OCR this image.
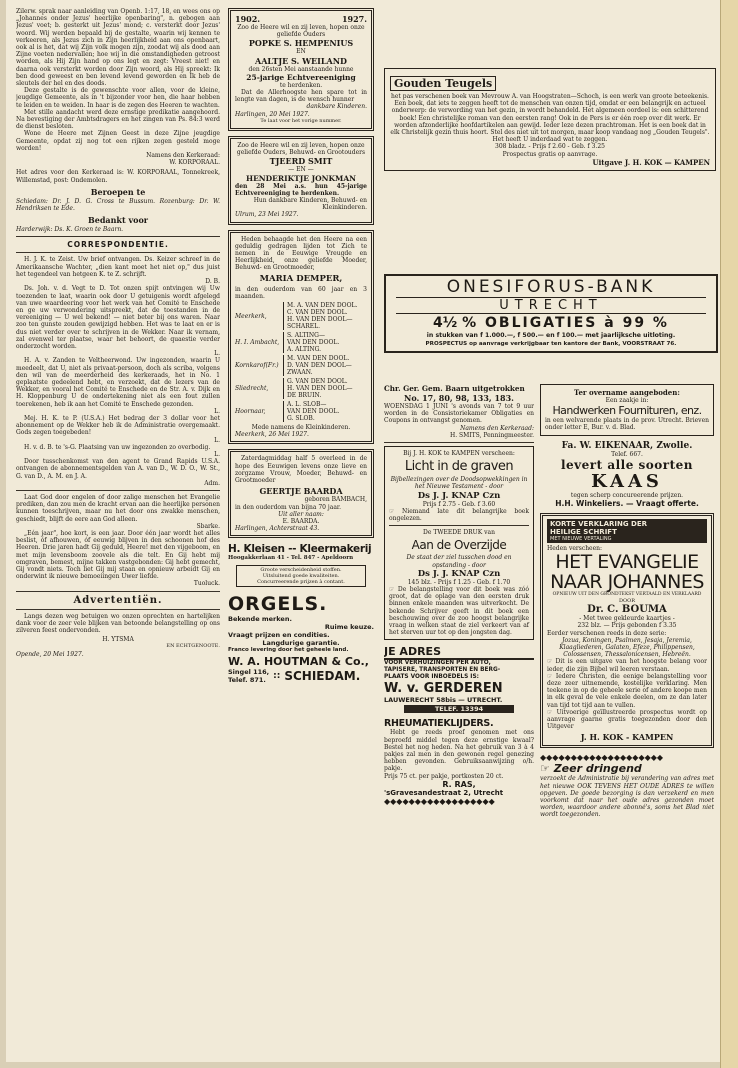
Zilerw. sprak naar aanleiding van Openb. 1:17, 18, en wees ons op „Johannes onder Jezus' heerlijke openbaring", n. gebogen aan Jezus' voet; b. gesterkt uit Jezus' mond; c. versterkt door Jezus' woord. Wij werden bepaald bij de gestalte, waarin wij kennen te verkeeren, als Jezus zich in Zijn heerlijkheid aan ons openbaart, ook al is het, dat wij Zijn volk mogen zijn, zoodat wij als dood aan Zijne voeten nedervallen; hoe wij in die omstandigheden getroost worden, als Hij Zijn hand op ons legt en zegt: Vreest niet! en daarna ook versterkt worden door Zijn woord, als Hij spreekt: Ik ben dood geweest en ben levend levend geworden en Ik heb de sleutels der hel en des doods.

Deze gestalte is de gewenschte voor allen, voor de kleine, jeugdige Gemeente, als in 't bijzonder voor hen, die haar hebben te leiden en te weiden. In haar is de zegen des Heeren te wachten.

Met stille aandacht werd deze ernstige predikatie aangehoord. Na bevestiging der Ambtsdragers en het zingen van Ps. 84:3 werd de dienst besloten.

Wone de Heere met Zijnen Geest in deze Zijne jeugdige Gemeente, opdat zij nog tot een rijken zegen gesteld moge worden!

Namens den Kerkeraad:

W. KORPORAAL.

Het adres voor den Kerkeraad is: W. KORPORAAL, Tonnekreek, Willemstad, post: Ondemolen.

Beroepen te

Schiedam: Dr. J. D. G. Cross te Bussum. Rozenburg: Dr. W. Hendriksen te Ede.

Bedankt voor

Harderwijk: Ds. K. Groen te Baarn.

CORRESPONDENTIE.

H. J. K. te Zeist. Uw brief ontvangen. Ds. Keizer schreef in de Amerikaansche Wachter, „dien kant moet het niet op," dus juist het tegendeel van hetgeen K. te Z. schrijft.

D. B.

Ds. Joh. v. d. Vegt te D. Tot onzen spijt ontvingen wij Uw toezenden te laat, waarin ook door U getuigenis wordt afgelegd van uwe waardeering voor het werk van het Comité te Enschede en ge uw verwondering uitspreekt, dat de toestanden in de vereeniging — U wel bekend! — niet beter bij ons waren. Naar zoo ten gunste zouden gewijzigd hebben. Het was te laat en er is dus niet verder over te schrijven in de Wekker. Naar ik vernam, zal evenwel ter plaatse, waar het behoort, de quaestie verder onderzocht worden.

L.

H. A. v. Zanden te Veltheerwond. Uw ingezonden, waarin U meedeelt, dat U, niet als privaat-persoon, doch als scriba, volgens den wil van de meerderheid des kerkeraads, het in No. 1 geplaatste gedeelend hebt, en verzoekt, dat de lezers van de Wekker, en vooral het Comité te Enschede en de Str. A. v. Dijk en H. Kloppenburg U de ondertekening niet als een fout zullen toerekenen, heb ik aan het Comité te Enschede gezonden.

L.

Mej. H. K. te P. (U.S.A.) Het bedrag der 3 dollar voor het abonnement op de Wekker heb ik de Administratie overgemaakt. Gods zegen toegebeden!

L.

H. v. d. B. te 's-G. Plaatsing van uw ingezonden zo overbodig.

L.

Door tusschenkomst van den agent te Grand Rapids U.S.A. ontvangen de abonnementsgelden van A. van D., W. D. O., W. St., G. van D., A. M. en J. A.

Adm.

Laat God door engelen of door zalige menschen het Evangelie prediken, dan zou men de kracht ervan aan die heerlijke personen kunnen toeschrijven, maar nu het door ons zwakke menschen, geschiedt, blijft de eere aan God alleen.

Sbarke.

„Eén jaar", hoe kort, is een jaar. Door één jaar wordt het alles beslist, óf afhouwen, óf eeuwig blijven in den schoonen hof des Heeren. Drie jaren hadt Gij geduld, Heere! met den vijgeboom, en met mijn levensboom zoovele als die telt. En Gij hebt mij omgraven, bemest, mijne takken vastgebonden: Gij hebt gemecht, Gij vondt niets. Toch liet Gij mij staan en opnieuw arbeidt Gij en onderwint ik nieuwe bemoeiingen Uwer liefde.

Tuoluck.

Advertentiën.

Langs dezen weg betuigen wo onzen oprechten en hartelijken dank voor de zeer vele blijken van betoonde belangstelling op ons zilveren feest ondervonden.

H. YTSMA

EN ECHTGENOOTE.

Opende, 20 Mei 1927.

1902.	1927.

Zoo de Heere wil en zij leven, hopen onze geliefde Ouders

POPKE S. HEMPENIUS

EN

AALTJE S. WEILAND

den 26sten Mei aanstaande hunne

25-jarige Echtvereeniging

te herdenken.

Dat de Allerhoogste hen spare tot in lengte van dagen, is de wensch hunner

dankbare Kinderen.

Harlingen, 20 Mei 1927.

Te laat voor het vorige nummer.

Zoo de Heere wil en zij leven, hopen onze geliefde Ouders, Behuwd- en Grootouders

TJEERD SMIT

— EN —

HENDERIKTJE JONKMAN

den 28 Mei a.s. hun 45-jarige Echtvereeniging te herdenken.

Hun dankbare Kinderen, Behuwd- en Kleinkinderen.

Ulrum, 23 Mei 1927.

Heden behaagde het den Heere na een geduldig gedragen lijden tot Zich te nemen in de Eeuwige Vreugde en Heerlijkheid, onze geliefde Moeder, Behuwd- en Grootmoeder,

MARIA DEMPER,

in den ouderdom van 60 jaar en 3 maanden.

Meerkerk,
M. A. VAN DEN DOOL.
C. VAN DEN DOOL.
H. VAN DEN DOOL—
SCHAREL.
H. I. Ambacht,
S. ALTING—
VAN DEN DOOL.
A. ALTING.
Kornkarof(Fr.)
M. VAN DEN DOOL.
D. VAN DEN DOOL—
ZWAAN.
Sliedrecht,
G. VAN DEN DOOL.
H. VAN DEN DOOL—
DE BRUIN.
Hoornaar,
A. L. SLOB—
VAN DEN DOOL.
G. SLOB.

Mede namens de Kleinkinderen.

Meerkerk, 26 Mei 1927.

Zaterdagmiddag half 5 overleed in de hope des Eeuwigen levens onze lieve en zorgzame Vrouw, Moeder, Behuwd- en Grootmoeder

GEERTJE BAARDA

geboren BAMBACH,

in den ouderdom van bijna 70 jaar.

Uit aller naam:

E. BAARDA.

Harlingen, Achterstraat 43.

H. Kleisen -- Kleermakerij

Hoogakkerlaan 41 - Tel. 847 - Apeldoorn

Groote verscheidenheid stoffen.

Uitsluitend goede kwaliteiten.

Concurreerende prijzen à contant.

ORGELS.

Bekende merken.

Ruime keuze.

Vraagt prijzen en condities.

Langdurige garantie.

Franco levering door het geheele land.

W. A. HOUTMAN & Co.,

Singel 116,

Telef. 871. :: SCHIEDAM.

Gouden Teugels

het pas verschenen boek van Mevrouw A. van Hoogstraten—Schoch, is een werk van groote beteekenis. Een boek, dat iets te zeggen heeft tot de menschen van onzen tijd, omdat er een belangrijk en actueel onderwerp: de verwording van het gezin, in wordt behandeld. Het algemeen oordeel is: een schitterend boek! Een christelijke roman van den eersten rang! Ook in de Pers is er één roep over dit werk. Er worden afzonderlijke hoofdartikelen aan gewijd. Ieder leze dezen prachtroman. Het is een boek dat in elk Christelijk gezin thuis hoort. Stel des niet uit tot morgen, maar koop vandaag nog „Gouden Teugels". Het heeft U inderdaad wat te zeggen.

308 bladz. - Prijs f 2.60 - Geb. f 3.25

Prospectus gratis op aanvrage.

Uitgave J. H. KOK — KAMPEN

ONESIFORUS-BANK

UTRECHT

4½ % OBLIGATIES à 99 %

in stukken van f 1.000.—, f 500.— en f 100.— met jaarlijksche uitloting.

PROSPECTUS op aanvrage verkrijgbaar ten kantore der Bank, VOORSTRAAT 76.

Chr. Ger. Gem. Baarn uitgetrokken

No. 17, 80, 98, 133, 183.

WOENSDAG 1 JUNI 's avonds van 7 tot 9 uur worden in de Consistoriekamer Obligaties en Coupons in ontvangst genomen.

Namens den Kerkeraad:

H. SMITS, Penningmeester.

Bij J. H. KOK te KAMPEN verscheen:

Licht in de graven

Bijbellezingen over de Doodsopwekkingen in het Nieuwe Testament - door

Ds J. J. KNAP Czn

Prijs f 2.75 - Geb. f 3.60

☞ Niemand late dit belangrijke boek ongelezen.

De TWEEDE DRUK van

Aan de Overzijde

De staat der ziel tusschen dood en opstanding - door

Ds J. J. KNAP Czn

145 blz. - Prijs f 1.25 - Geb. f 1.70

☞ De belangstelling voor dit boek was zóó groot, dat de oplage van den eersten druk binnen enkele maanden was uitverkocht. De bekende Schrijver geeft in dit boek een beschouwing over de zoo hoogst belangrijke vraag in welken staat de ziel verkeert van af het sterven uur tot op den jongsten dag.

JE ADRES

VOOR VERHUIZINGEN PER AUTO,

TAPISERE, TRANSPORTEN EN BERG-

PLAATS VOOR INBOEDELS IS:

W. v. GERDEREN

LAUWERECHT 58bis — UTRECHT.

TELEF. 13394

RHEUMATIEKLIJDERS.

Hebt ge reeds proef genomen met ons beproefd middel tegen deze ernstige kwaal? Bestel het nog heden. Na het gebruik van 3 à 4 pakjes zal men in den gewonen regel genezing hebben gevonden. Gebruiksaanwijzing o/h. pakje.

Prijs 75 ct. per pakje, portkosten 20 ct.

R. RAS,

'sGravesandestraat 2, Utrecht

◆◆◆◆◆◆◆◆◆◆◆◆◆◆◆◆◆◆

Ter overname aangeboden:

Een zaakje in:

Handwerken Fournituren, enz.

in een welvarende plaats in de prov. Utrecht. Brieven onder letter E, Bur. v. d. Blad.

Fa. W. EIKENAAR, Zwolle.

Telef. 667.

levert alle soorten

KAAS

tegen scherp concureerende prijzen.

H.H. Winkeliers. — Vraagt offerte.

KORTE VERKLARING DER

HEILIGE SCHRIFT

MET NIEUWE VERTALING

Heden verscheen:

HET EVANGELIE

NAAR JOHANNES

OPNIEUW UIT DEN GRONDTEKST VERTAALD EN VERKLAARD

DOOR

Dr. C. BOUMA

- Met twee gekleurde kaartjes -

232 blz. — Prijs gebonden f 3.35

Eerder verschenen reeds in deze serie:

Jozua, Koningen, Psalmen, Jesaja, Jeremia, Klaagliederen, Galaten, Efeze, Philippensen, Colossensen, Thessalonicensen, Hebreën.

☞ Dit is een uitgave van het hoogste belang voor ieder, die zijn Bijbel wil leeren verstaan.

☞ Iedere Christen, die eenige belangstelling voor deze zeer uitnemende, kostelijke verklaring. Men teekene in op de geheele serie of andere koope men in elk geval de vele enkele deelen, om ze dan later van tijd tot tijd aan te vullen.

☞ Uitvoerige geïllustreerde prospectus wordt op aanvrage gaarne gratis toegezonden door den Uitgever

J. H. KOK - KAMPEN

◆◆◆◆◆◆◆◆◆◆◆◆◆◆◆◆◆◆◆◆

☞ Zeer dringend

verzoekt de Administratie bij verandering van adres met het nieuwe OOK TEVENS HET OUDE ADRES te willen opgeven. De goede bezorging is dan verzekerd en men voorkomt dat naar het oude adres gezonden moet worden, waardoor andere abonné's, soms het Blad niet wordt toegezonden.
